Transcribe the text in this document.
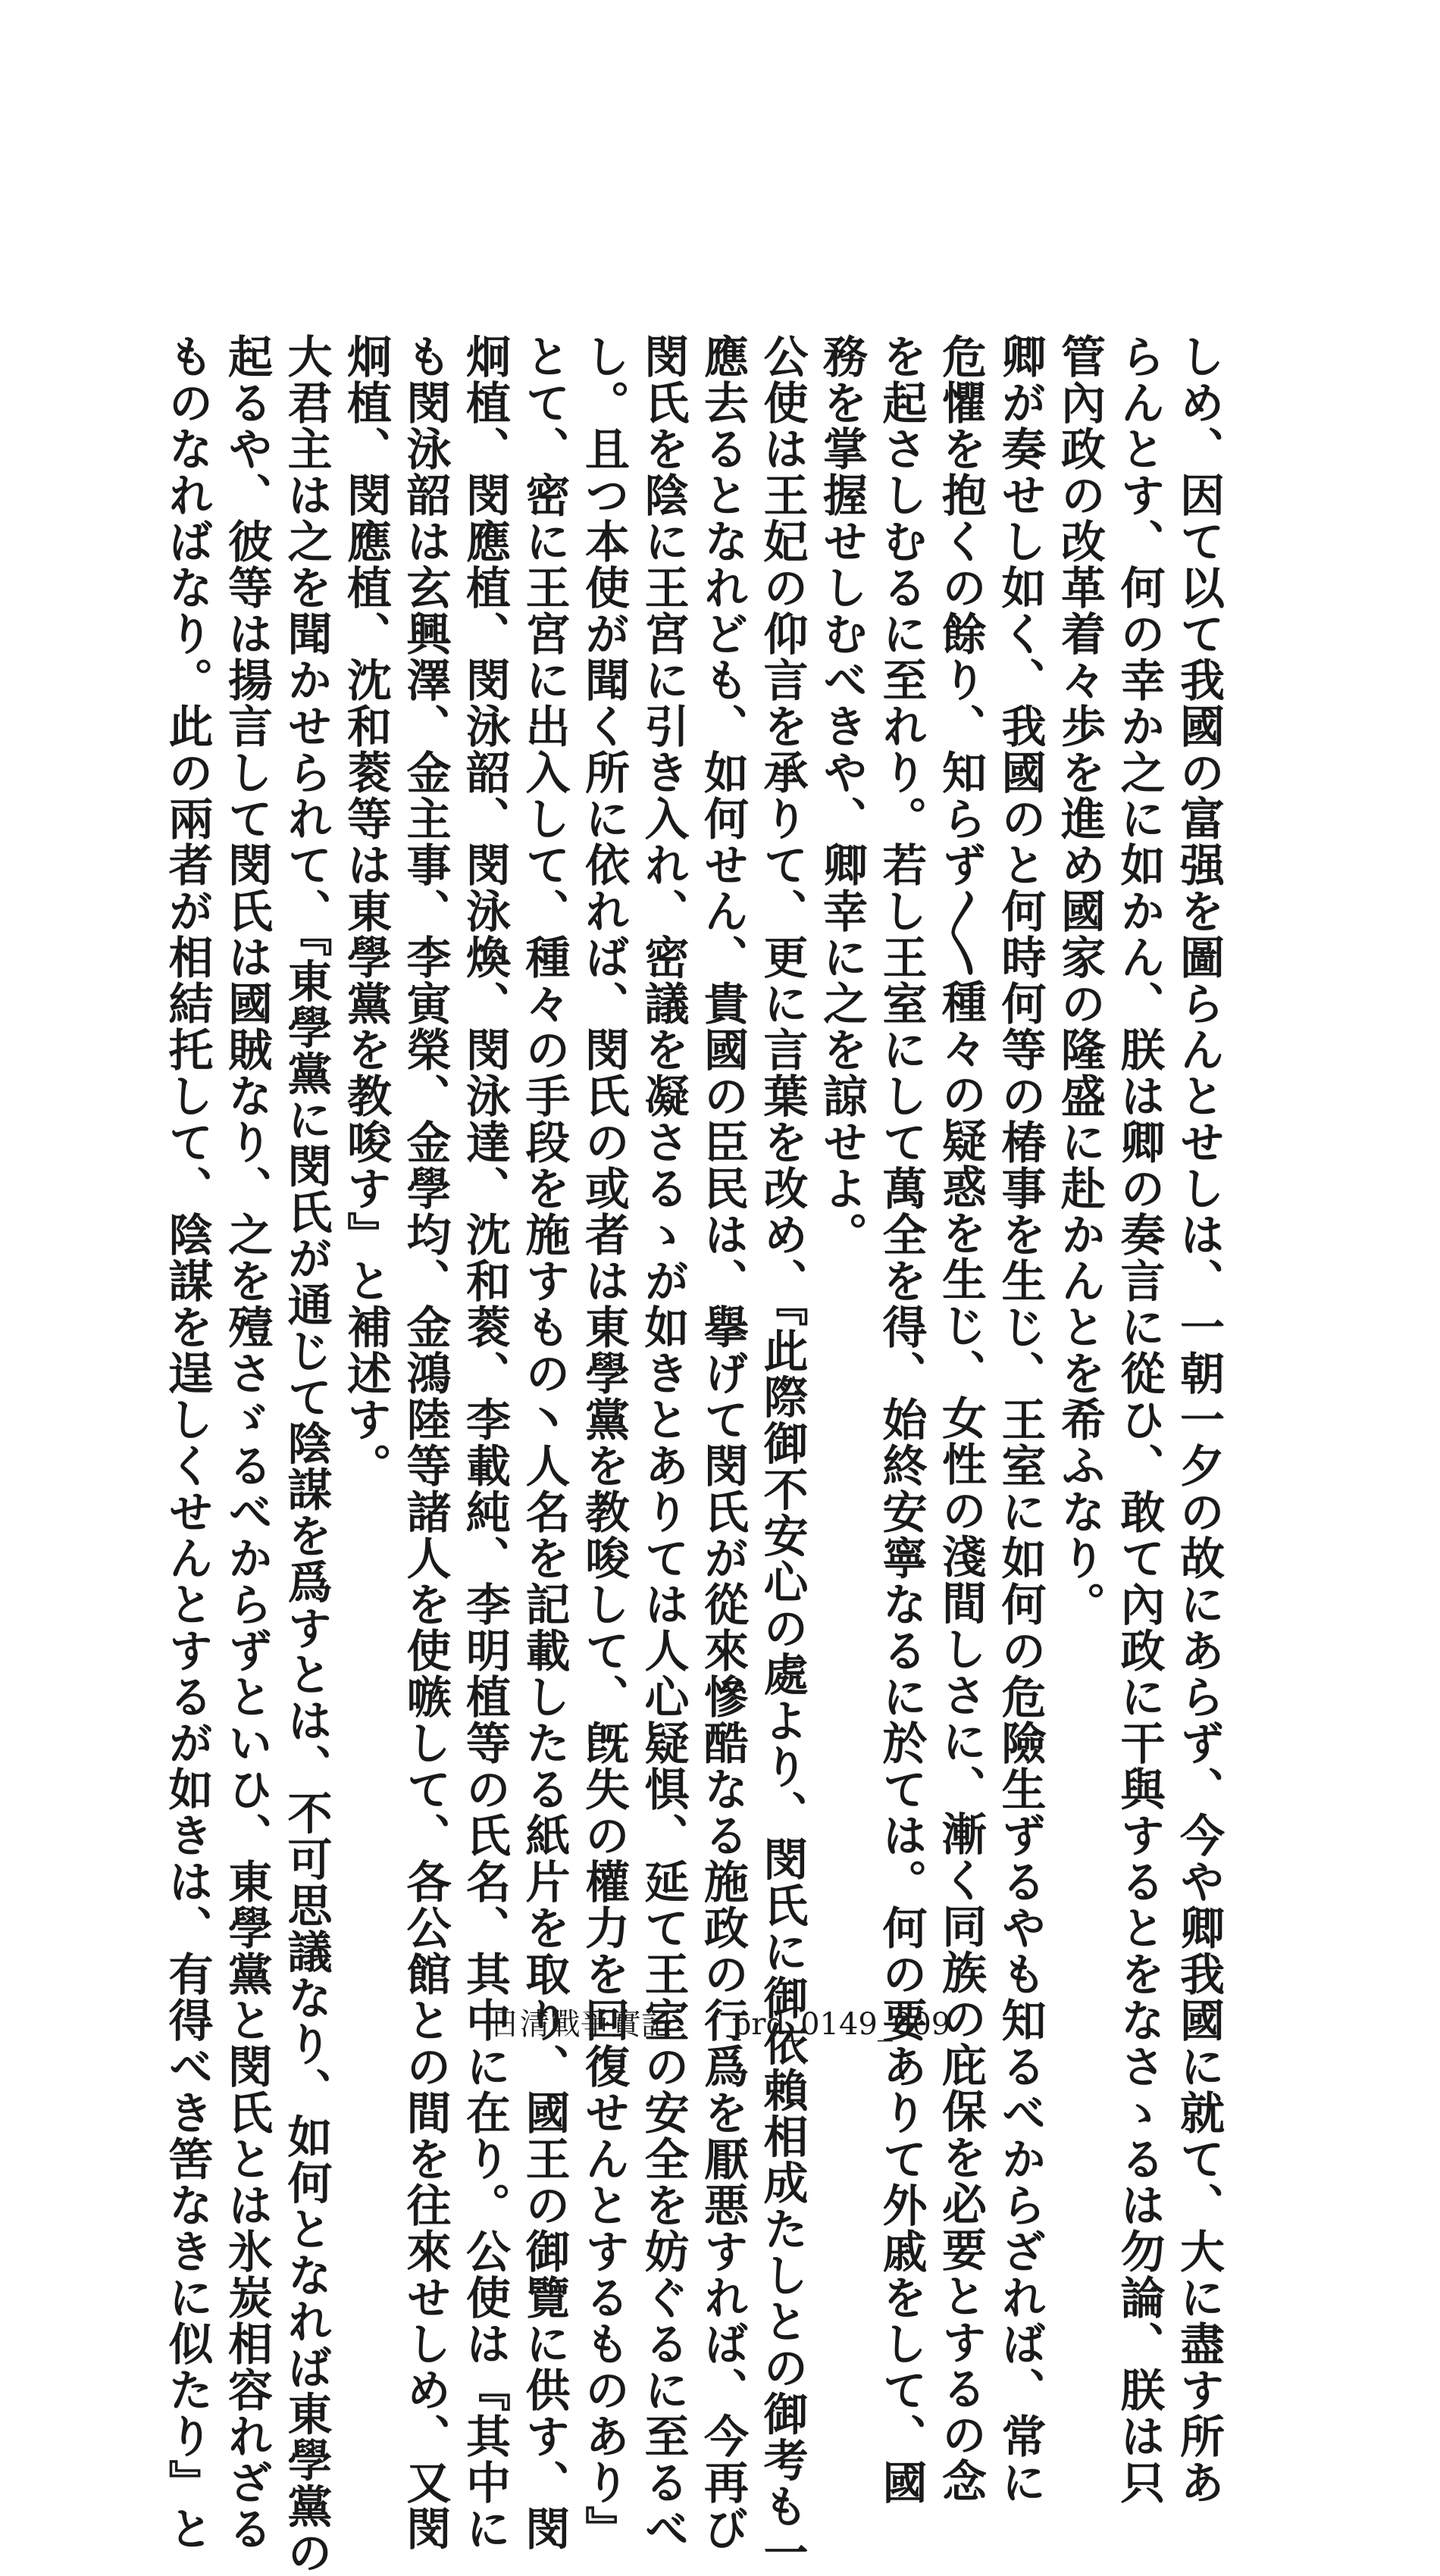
しめ、因て以て我國の富强を圖らんとせしは、一朝一夕の故にあらず、今や卿我國に就て、大に盡す所あ
らんとす、何の幸か之に如かん、朕は卿の奏言に從ひ、敢て內政に干與するとをなさゝるは勿論、朕は只
管內政の改革着々歩を進め國家の隆盛に赴かんとを希ふなり。
卿が奏せし如く、我國のと何時何等の椿事を生じ、王室に如何の危險生ずるやも知るべからざれば、常に
危懼を抱くの餘り、知らず〳〵種々の疑惑を生じ、女性の淺間しさに、漸く同族の庇保を必要とするの念
を起さしむるに至れり。若し王室にして萬全を得、始終安寧なるに於ては。何の要ありて外戚をして、國
務を掌握せしむべきや、卿幸に之を諒せよ。
公使は王妃の仰言を承りて、更に言葉を改め、『此際御不安心の處より、閔氏に御依賴相成たしとの御考も一
應去るとなれども、如何せん、貴國の臣民は、擧げて閔氏が從來慘酷なる施政の行爲を厭悪すれば、今再び
閔氏を陰に王宮に引き入れ、密議を凝さるゝが如きとありては人心疑惧、延て王室の安全を妨ぐるに至るべ
し。且つ本使が聞く所に依れば、閔氏の或者は東學黨を教唆して、旣失の權力を回復せんとするものあり』
とて、密に王宮に出入して、種々の手段を施すもの丶人名を記載したる紙片を取り、國王の御覽に供す、閔
炯植、閔應植、閔泳韶、閔泳煥、閔泳達、沈和蓘、李載純、李明植等の氏名、其中に在り。公使は『其中に
も閔泳韶は玄興澤、金主事、李寅榮、金學均、金鴻陸等諸人を使嗾して、各公館との間を往來せしめ、又閔
炯植、閔應植、沈和蓘等は東學黨を教唆す』と補述す。
大君主は之を聞かせられて、『東學黨に閔氏が通じて陰謀を爲すとは、不可思議なり、如何となれば東學黨の
起るや、彼等は揚言して閔氏は國賊なり、之を殪さゞるべからずといひ、東學黨と閔氏とは氷炭相容れざる
ものなればなり。此の兩者が相結托して、陰謀を逞しくせんとするが如きは、有得べき筈なきに似たり』と	日清戰爭實記　　prd_0149_009
